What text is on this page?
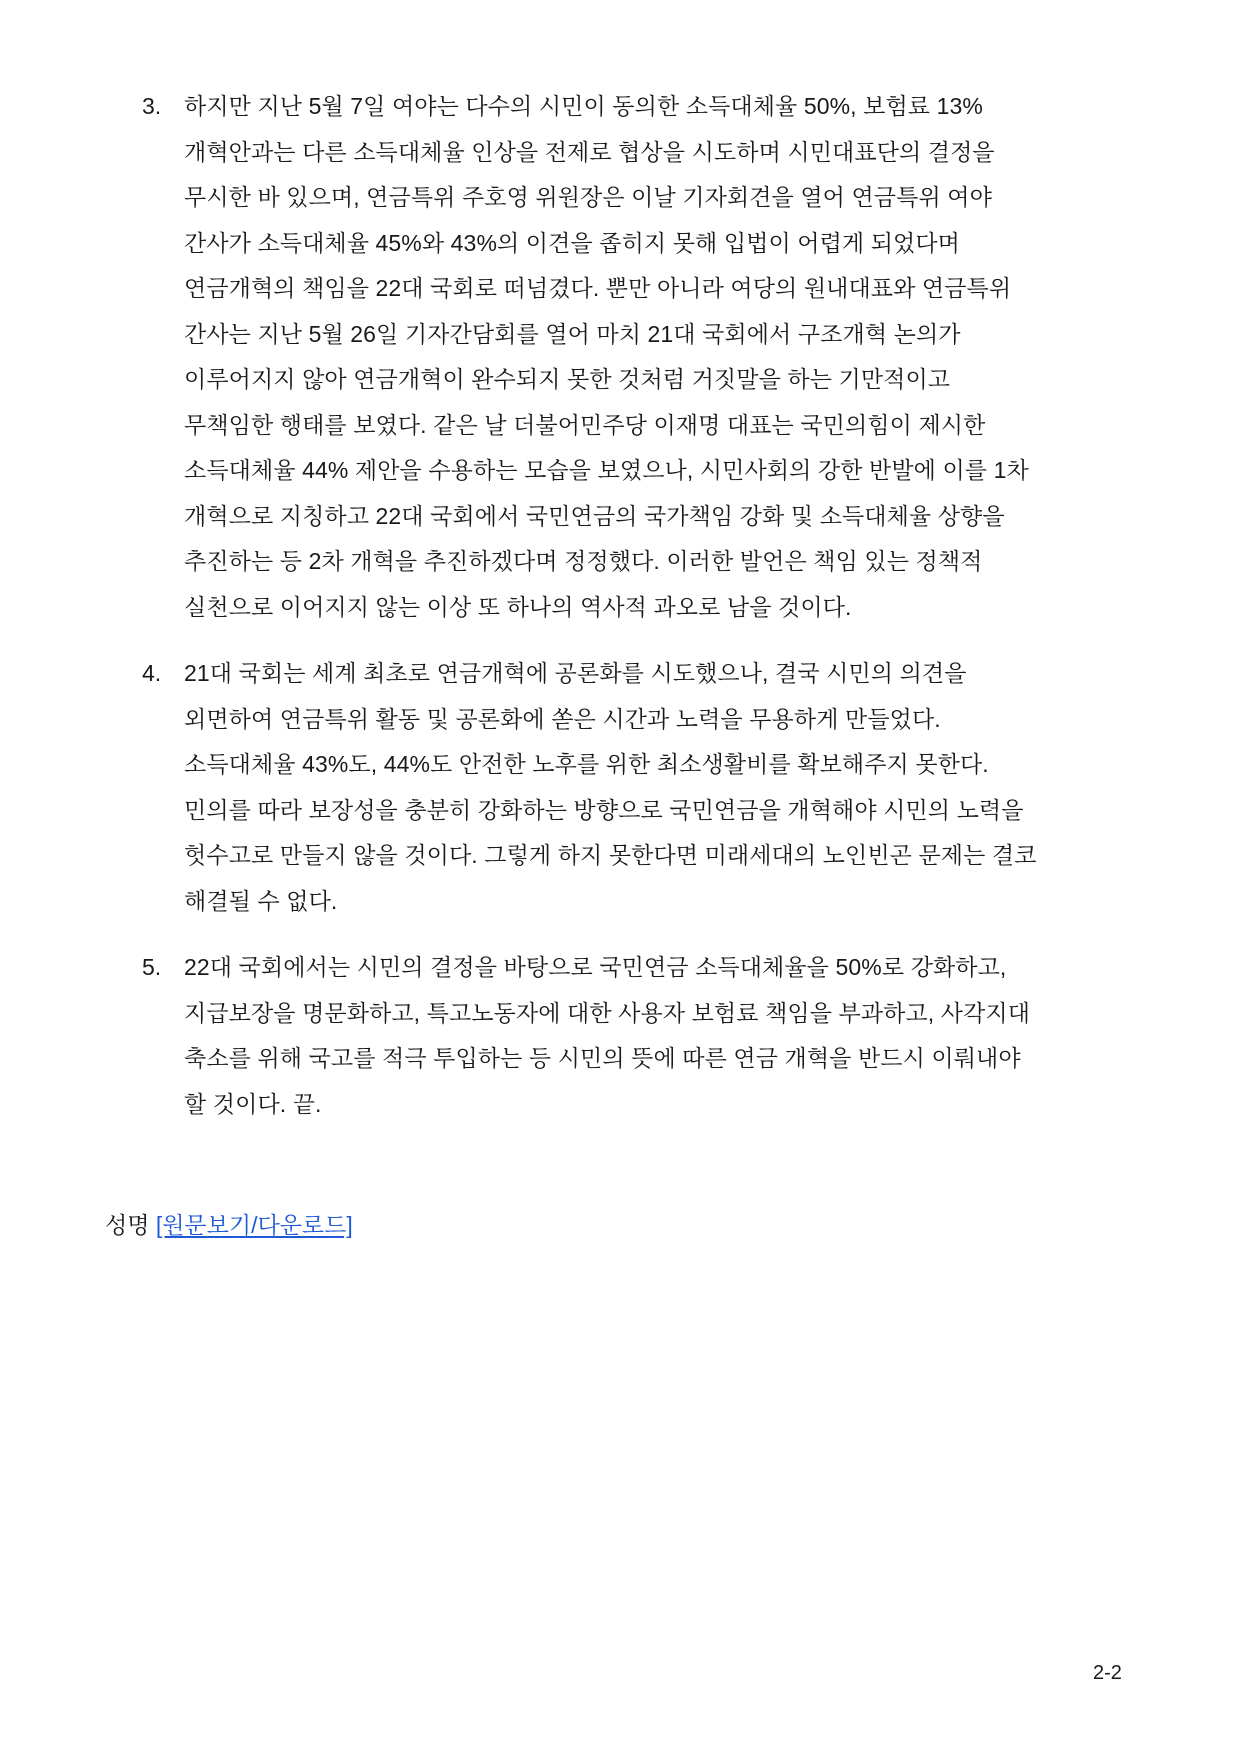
3. 하지만 지난 5월 7일 여야는 다수의 시민이 동의한 소득대체율 50%, 보험료 13%
개혁안과는 다른 소득대체율 인상을 전제로 협상을 시도하며 시민대표단의 결정을
무시한 바 있으며, 연금특위 주호영 위원장은 이날 기자회견을 열어 연금특위 여야
간사가 소득대체율 45%와 43%의 이견을 좁히지 못해 입법이 어렵게 되었다며
연금개혁의 책임을 22대 국회로 떠넘겼다. 뿐만 아니라 여당의 원내대표와 연금특위
간사는 지난 5월 26일 기자간담회를 열어 마치 21대 국회에서 구조개혁 논의가
이루어지지 않아 연금개혁이 완수되지 못한 것처럼 거짓말을 하는 기만적이고
무책임한 행태를 보였다. 같은 날 더불어민주당 이재명 대표는 국민의힘이 제시한
소득대체율 44% 제안을 수용하는 모습을 보였으나, 시민사회의 강한 반발에 이를 1차
개혁으로 지칭하고 22대 국회에서 국민연금의 국가책임 강화 및 소득대체율 상향을
추진하는 등 2차 개혁을 추진하겠다며 정정했다. 이러한 발언은 책임 있는 정책적
실천으로 이어지지 않는 이상 또 하나의 역사적 과오로 남을 것이다.
4. 21대 국회는 세계 최초로 연금개혁에 공론화를 시도했으나, 결국 시민의 의견을
외면하여 연금특위 활동 및 공론화에 쏟은 시간과 노력을 무용하게 만들었다.
소득대체율 43%도, 44%도 안전한 노후를 위한 최소생활비를 확보해주지 못한다.
민의를 따라 보장성을 충분히 강화하는 방향으로 국민연금을 개혁해야 시민의 노력을
헛수고로 만들지 않을 것이다. 그렇게 하지 못한다면 미래세대의 노인빈곤 문제는 결코
해결될 수 없다.
5. 22대 국회에서는 시민의 결정을 바탕으로 국민연금 소득대체율을 50%로 강화하고,
지급보장을 명문화하고, 특고노동자에 대한 사용자 보험료 책임을 부과하고, 사각지대
축소를 위해 국고를 적극 투입하는 등 시민의 뜻에 따른 연금 개혁을 반드시 이뤄내야
할 것이다. 끝.
성명 [원문보기/다운로드]
2-2
